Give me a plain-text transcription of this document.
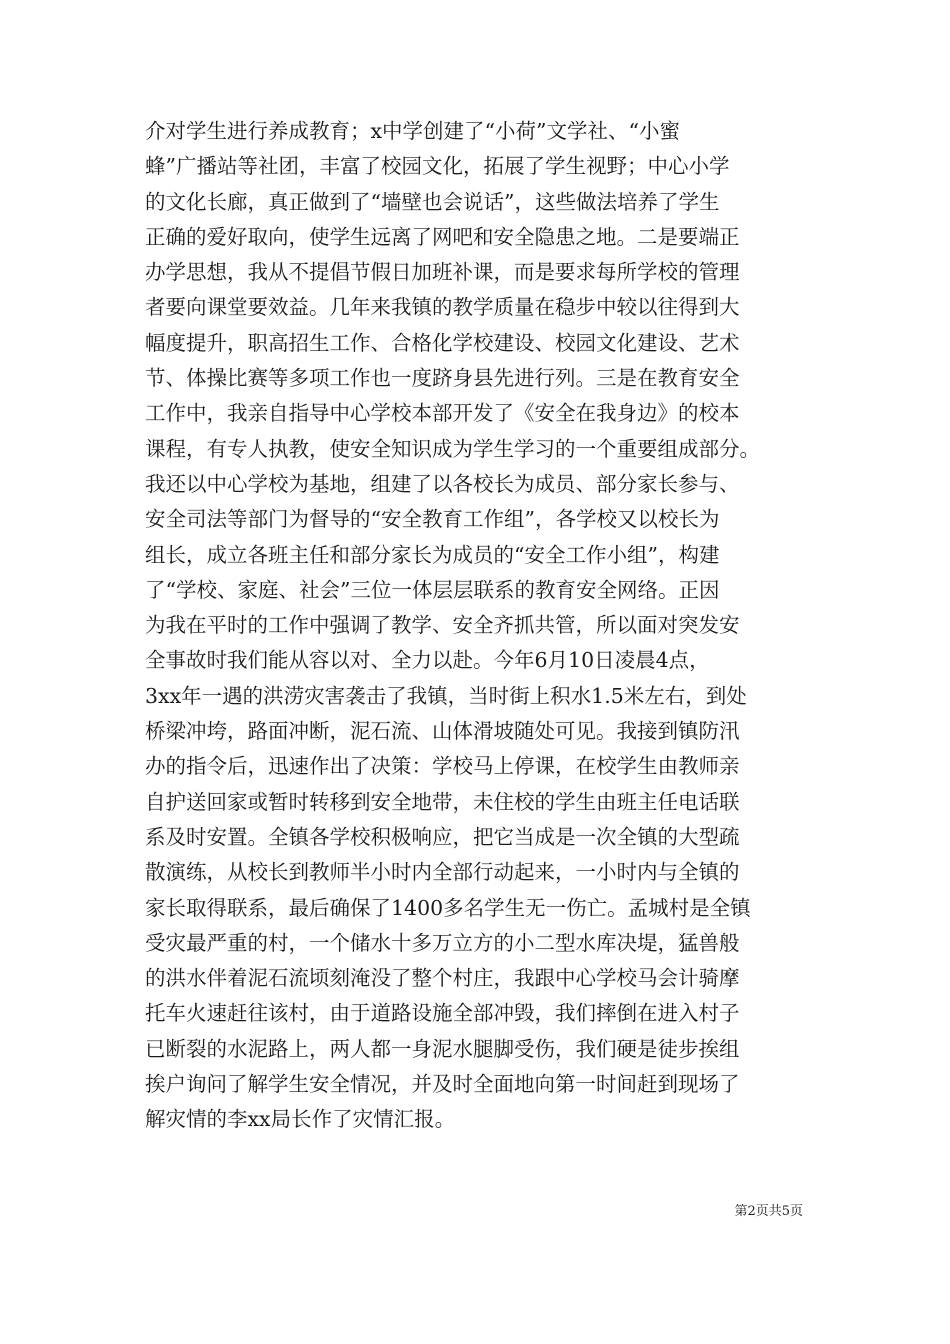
介对学生进行养成教育；x中学创建了“小荷”文学社、“小蜜
蜂”广播站等社团，丰富了校园文化，拓展了学生视野；中心小学
的文化长廊，真正做到了“墙壁也会说话”，这些做法培养了学生
正确的爱好取向，使学生远离了网吧和安全隐患之地。二是要端正
办学思想，我从不提倡节假日加班补课，而是要求每所学校的管理
者要向课堂要效益。几年来我镇的教学质量在稳步中较以往得到大
幅度提升，职高招生工作、合格化学校建设、校园文化建设、艺术
节、体操比赛等多项工作也一度跻身县先进行列。三是在教育安全
工作中，我亲自指导中心学校本部开发了《安全在我身边》的校本
课程，有专人执教，使安全知识成为学生学习的一个重要组成部分。
我还以中心学校为基地，组建了以各校长为成员、部分家长参与、
安全司法等部门为督导的“安全教育工作组”，各学校又以校长为
组长，成立各班主任和部分家长为成员的“安全工作小组”，构建
了“学校、家庭、社会”三位一体层层联系的教育安全网络。正因
为我在平时的工作中强调了教学、安全齐抓共管，所以面对突发安
全事故时我们能从容以对、全力以赴。今年6月10日凌晨4点，
3xx年一遇的洪涝灾害袭击了我镇，当时街上积水1.5米左右，到处
桥梁冲垮，路面冲断，泥石流、山体滑坡随处可见。我接到镇防汛
办的指令后，迅速作出了决策：学校马上停课，在校学生由教师亲
自护送回家或暂时转移到安全地带，未住校的学生由班主任电话联
系及时安置。全镇各学校积极响应，把它当成是一次全镇的大型疏
散演练，从校长到教师半小时内全部行动起来，一小时内与全镇的
家长取得联系，最后确保了1400多名学生无一伤亡。孟城村是全镇
受灾最严重的村，一个储水十多万立方的小二型水库决堤，猛兽般
的洪水伴着泥石流顷刻淹没了整个村庄，我跟中心学校马会计骑摩
托车火速赶往该村，由于道路设施全部冲毁，我们摔倒在进入村子
已断裂的水泥路上，两人都一身泥水腿脚受伤，我们硬是徒步挨组
挨户询问了解学生安全情况，并及时全面地向第一时间赶到现场了
解灾情的李xx局长作了灾情汇报。
第2页共5页
